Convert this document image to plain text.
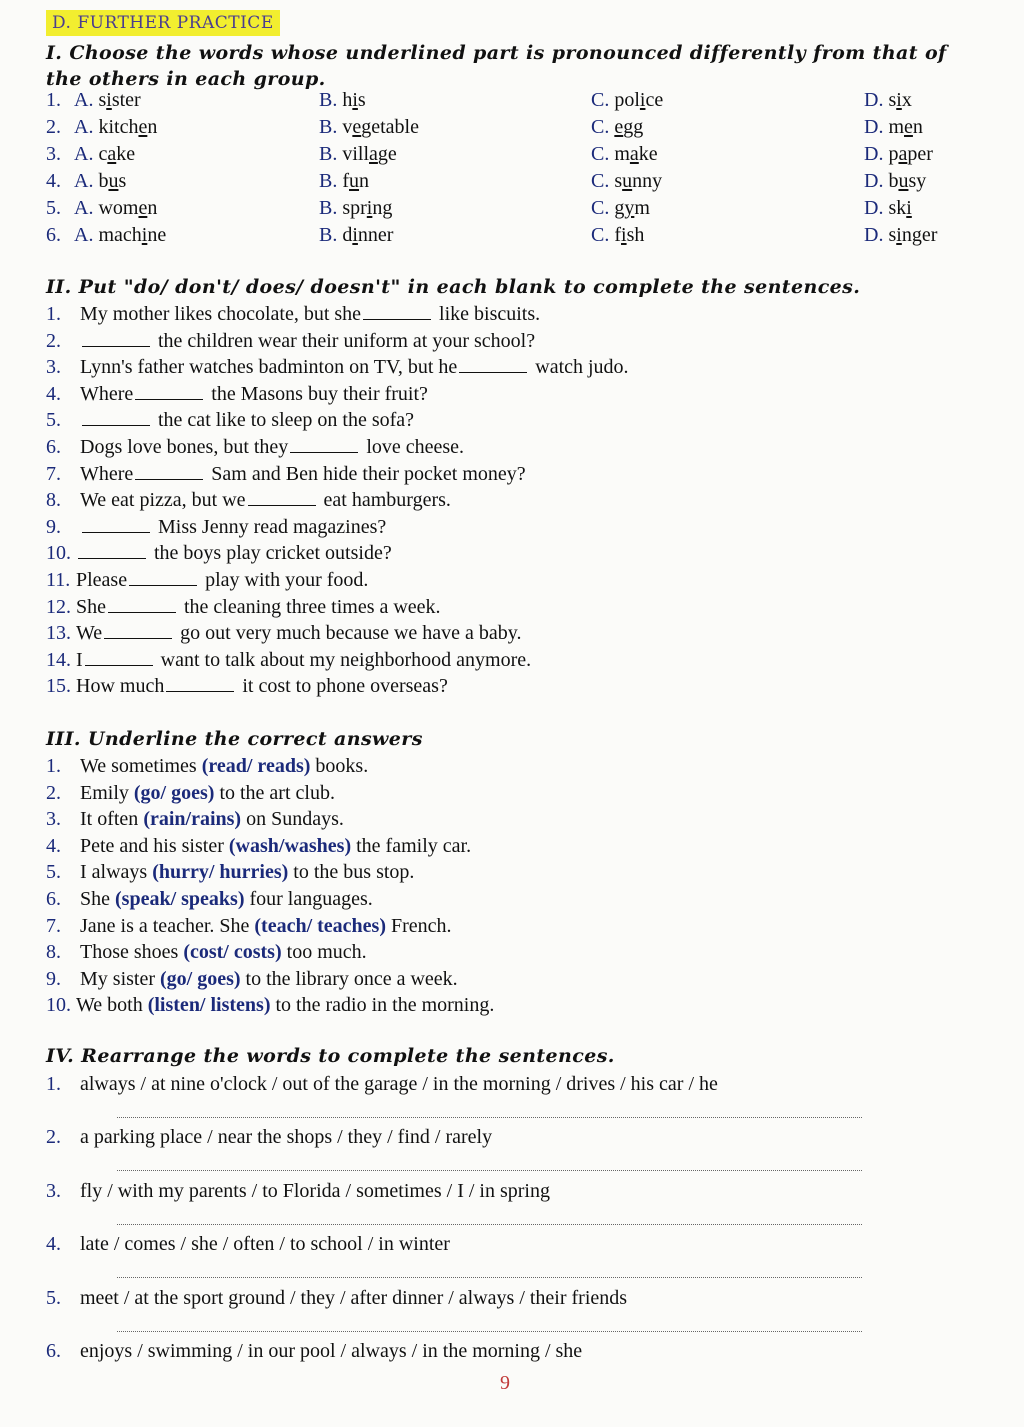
D. FURTHER PRACTICE
I. Choose the words whose underlined part is pronounced differently from that of the others in each group.
1. A. sister	B. his	C. police	D. six
2. A. kitchen	B. vegetable	C. egg	D. men
3. A. cake	B. village	C. make	D. paper
4. A. bus	B. fun	C. sunny	D. busy
5. A. women	B. spring	C. gym	D. ski
6. A. machine	B. dinner	C. fish	D. singer
II. Put "do/ don't/ does/ doesn't" in each blank to complete the sentences.
1. My mother likes chocolate, but she	like biscuits.
2.	the children wear their uniform at your school?
3. Lynn's father watches badminton on TV, but he	watch judo.
4. Where	the Masons buy their fruit?
5.	the cat like to sleep on the sofa?
6. Dogs love bones, but they	love cheese.
7. Where	Sam and Ben hide their pocket money?
8. We eat pizza, but we	eat hamburgers.
9.	Miss Jenny read magazines?
10.	the boys play cricket outside?
11. Please	play with your food.
12. She	the cleaning three times a week.
13. We	go out very much because we have a baby.
14. I	want to talk about my neighborhood anymore.
15. How much	it cost to phone overseas?
III. Underline the correct answers
1. We sometimes (read/ reads) books.
2. Emily (go/ goes) to the art club.
3. It often (rain/rains) on Sundays.
4. Pete and his sister (wash/washes) the family car.
5. I always (hurry/ hurries) to the bus stop.
6. She (speak/ speaks) four languages.
7. Jane is a teacher. She (teach/ teaches) French.
8. Those shoes (cost/ costs) too much.
9. My sister (go/ goes) to the library once a week.
10. We both (listen/ listens) to the radio in the morning.
IV. Rearrange the words to complete the sentences.
1. always / at nine o'clock / out of the garage / in the morning / drives / his car / he
2. a parking place / near the shops / they / find / rarely
3. fly / with my parents / to Florida / sometimes / I / in spring
4. late / comes / she / often / to school / in winter
5. meet / at the sport ground / they / after dinner / always / their friends
6. enjoys / swimming / in our pool / always / in the morning / she
9
